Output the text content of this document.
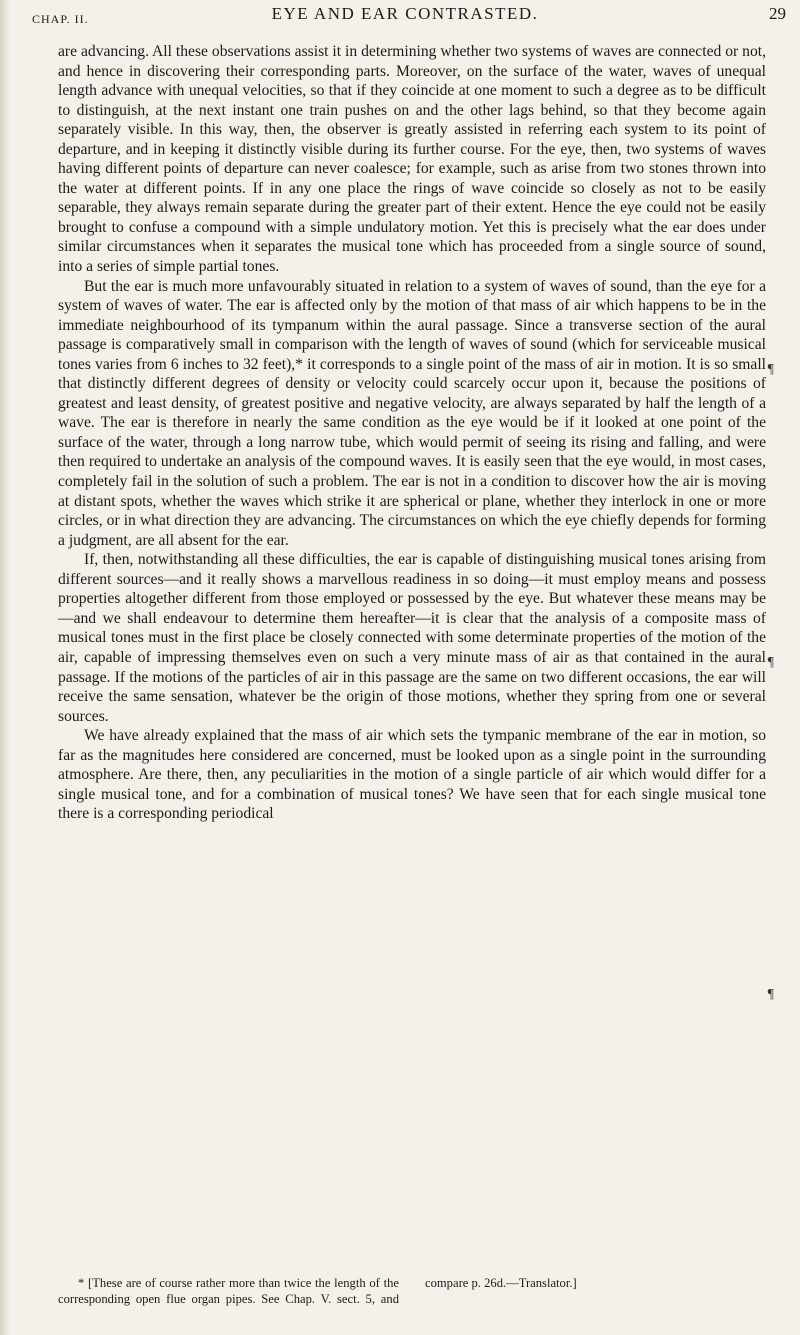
CHAP. II.	EYE AND EAR CONTRASTED.	29

are advancing. All these observations assist it in determining whether two systems of waves are connected or not, and hence in discovering their corresponding parts. Moreover, on the surface of the water, waves of unequal length advance with unequal velocities, so that if they coincide at one moment to such a degree as to be difficult to distinguish, at the next instant one train pushes on and the other lags behind, so that they become again separately visible. In this way, then, the observer is greatly assisted in referring each system to its point of departure, and in keeping it distinctly visible during its further course. For the eye, then, two systems of waves having different points of departure can never coalesce; for example, such as arise from two stones thrown into the water at different points. If in any one place the rings of wave coincide so closely as not to be easily separable, they always remain separate during the greater part of their extent. Hence the eye could not be easily brought to confuse a compound with a simple undulatory motion. Yet this is precisely what the ear does under similar circumstances when it separates the musical tone which has proceeded from a single source of sound, into a series of simple partial tones.

But the ear is much more unfavourably situated in relation to a system of waves of sound, than the eye for a system of waves of water. The ear is affected only by the motion of that mass of air which happens to be in the immediate neighbourhood of its tympanum within the aural passage. Since a transverse section of the aural passage is comparatively small in comparison with the length of waves of sound (which for serviceable musical tones varies from 6 inches to 32 feet),* it corresponds to a single point of the mass of air in motion. It is so small that distinctly different degrees of density or velocity could scarcely occur upon it, because the positions of greatest and least density, of greatest positive and negative velocity, are always separated by half the length of a wave. The ear is therefore in nearly the same condition as the eye would be if it looked at one point of the surface of the water, through a long narrow tube, which would permit of seeing its rising and falling, and were then required to undertake an analysis of the compound waves. It is easily seen that the eye would, in most cases, completely fail in the solution of such a problem. The ear is not in a condition to discover how the air is moving at distant spots, whether the waves which strike it are spherical or plane, whether they interlock in one or more circles, or in what direction they are advancing. The circumstances on which the eye chiefly depends for forming a judgment, are all absent for the ear.

If, then, notwithstanding all these difficulties, the ear is capable of distinguishing musical tones arising from different sources—and it really shows a marvellous readiness in so doing—it must employ means and possess properties altogether different from those employed or possessed by the eye. But whatever these means may be—and we shall endeavour to determine them hereafter—it is clear that the analysis of a composite mass of musical tones must in the first place be closely connected with some determinate properties of the motion of the air, capable of impressing themselves even on such a very minute mass of air as that contained in the aural passage. If the motions of the particles of air in this passage are the same on two different occasions, the ear will receive the same sensation, whatever be the origin of those motions, whether they spring from one or several sources.

We have already explained that the mass of air which sets the tympanic membrane of the ear in motion, so far as the magnitudes here considered are concerned, must be looked upon as a single point in the surrounding atmosphere. Are there, then, any peculiarities in the motion of a single particle of air which would differ for a single musical tone, and for a combination of musical tones? We have seen that for each single musical tone there is a corresponding periodical

¶
¶
¶

* [These are of course rather more than twice the length of the corresponding open flue organ pipes. See Chap. V. sect. 5, and compare p. 26d.—Translator.]
